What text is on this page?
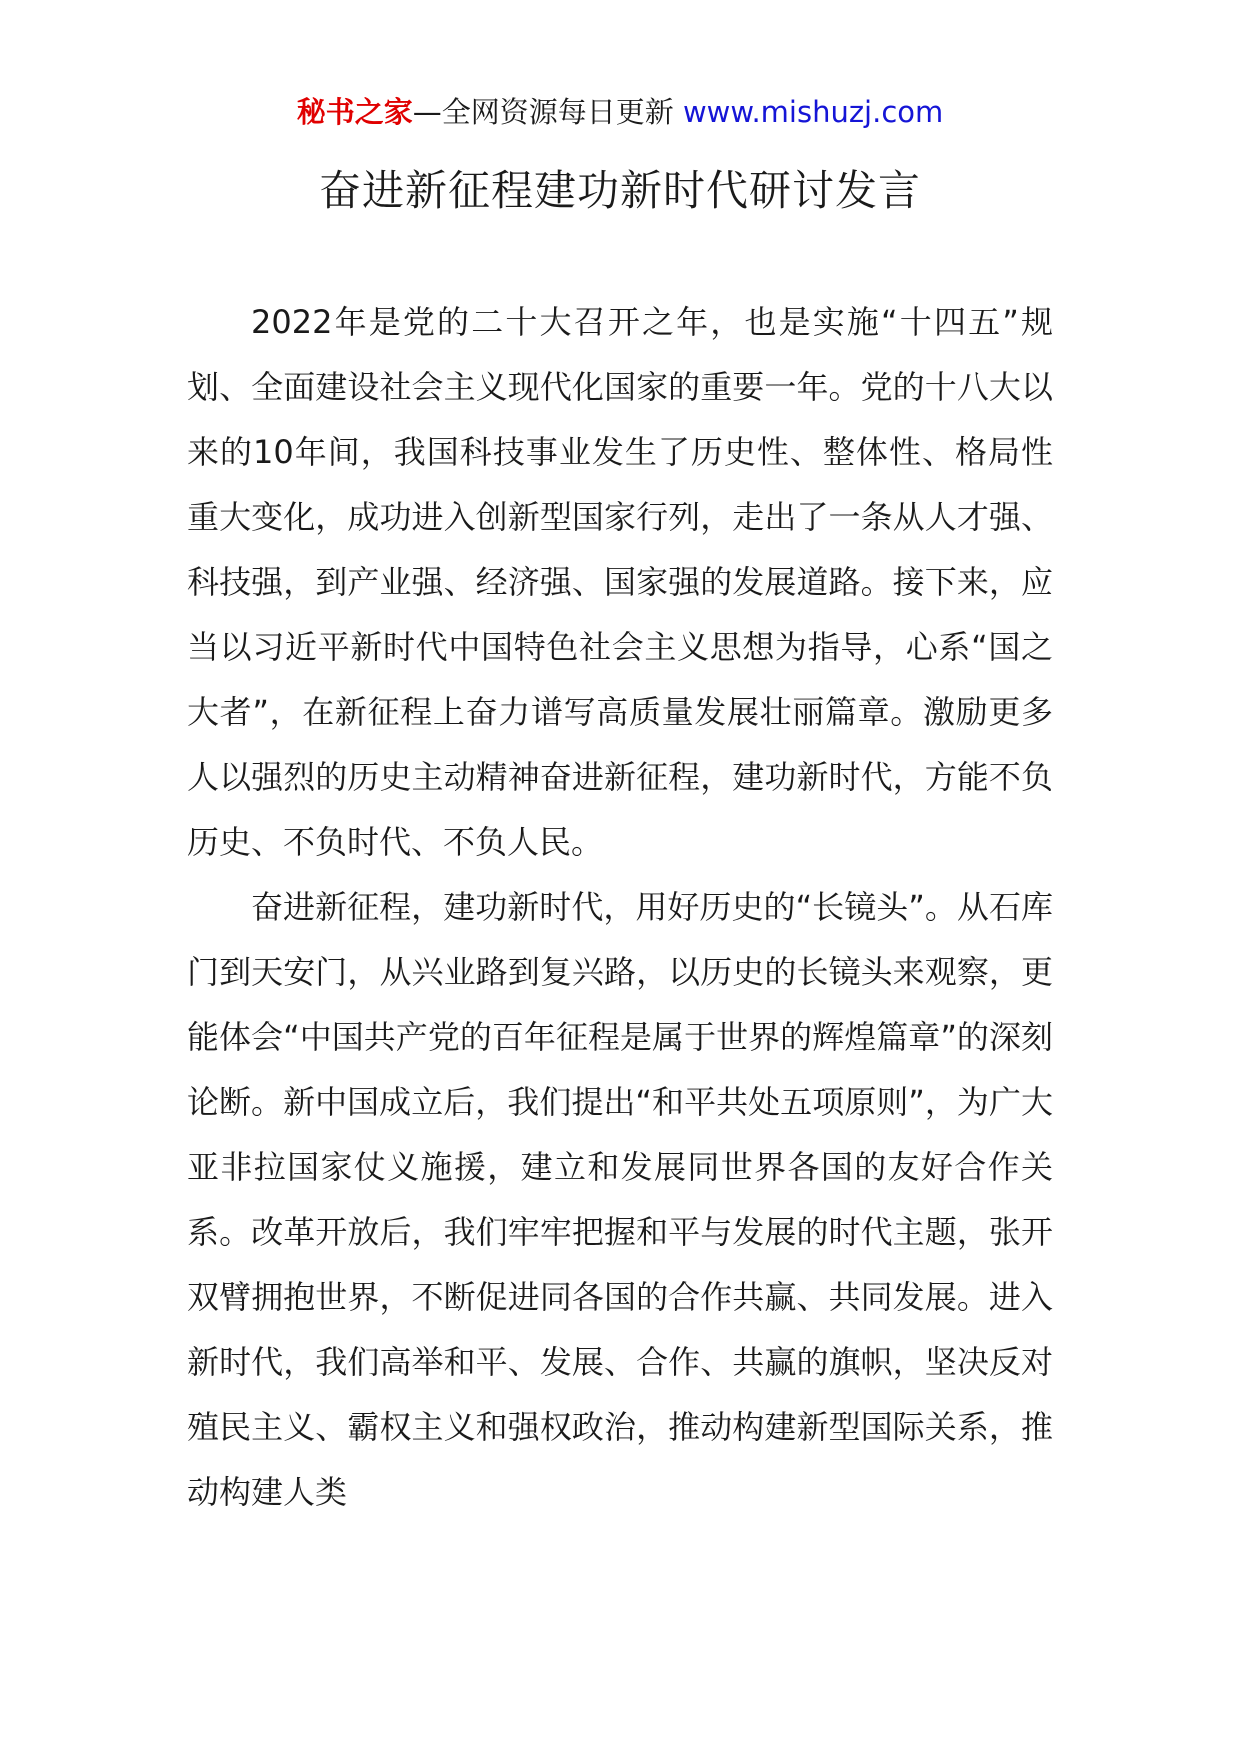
秘书之家—全网资源每日更新 www.mishuzj.com
奋进新征程建功新时代研讨发言

2022年是党的二十大召开之年，也是实施“十四五”规划、全面建设社会主义现代化国家的重要一年。党的十八大以来的10年间，我国科技事业发生了历史性、整体性、格局性重大变化，成功进入创新型国家行列，走出了一条从人才强、科技强，到产业强、经济强、国家强的发展道路。接下来，应当以习近平新时代中国特色社会主义思想为指导，心系“国之大者”，在新征程上奋力谱写高质量发展壮丽篇章。激励更多人以强烈的历史主动精神奋进新征程，建功新时代，方能不负历史、不负时代、不负人民。

奋进新征程，建功新时代，用好历史的“长镜头”。从石库门到天安门，从兴业路到复兴路，以历史的长镜头来观察，更能体会“中国共产党的百年征程是属于世界的辉煌篇章”的深刻论断。新中国成立后，我们提出“和平共处五项原则”，为广大亚非拉国家仗义施援，建立和发展同世界各国的友好合作关系。改革开放后，我们牢牢把握和平与发展的时代主题，张开双臂拥抱世界，不断促进同各国的合作共赢、共同发展。进入新时代，我们高举和平、发展、合作、共赢的旗帜，坚决反对殖民主义、霸权主义和强权政治，推动构建新型国际关系，推动构建人类
